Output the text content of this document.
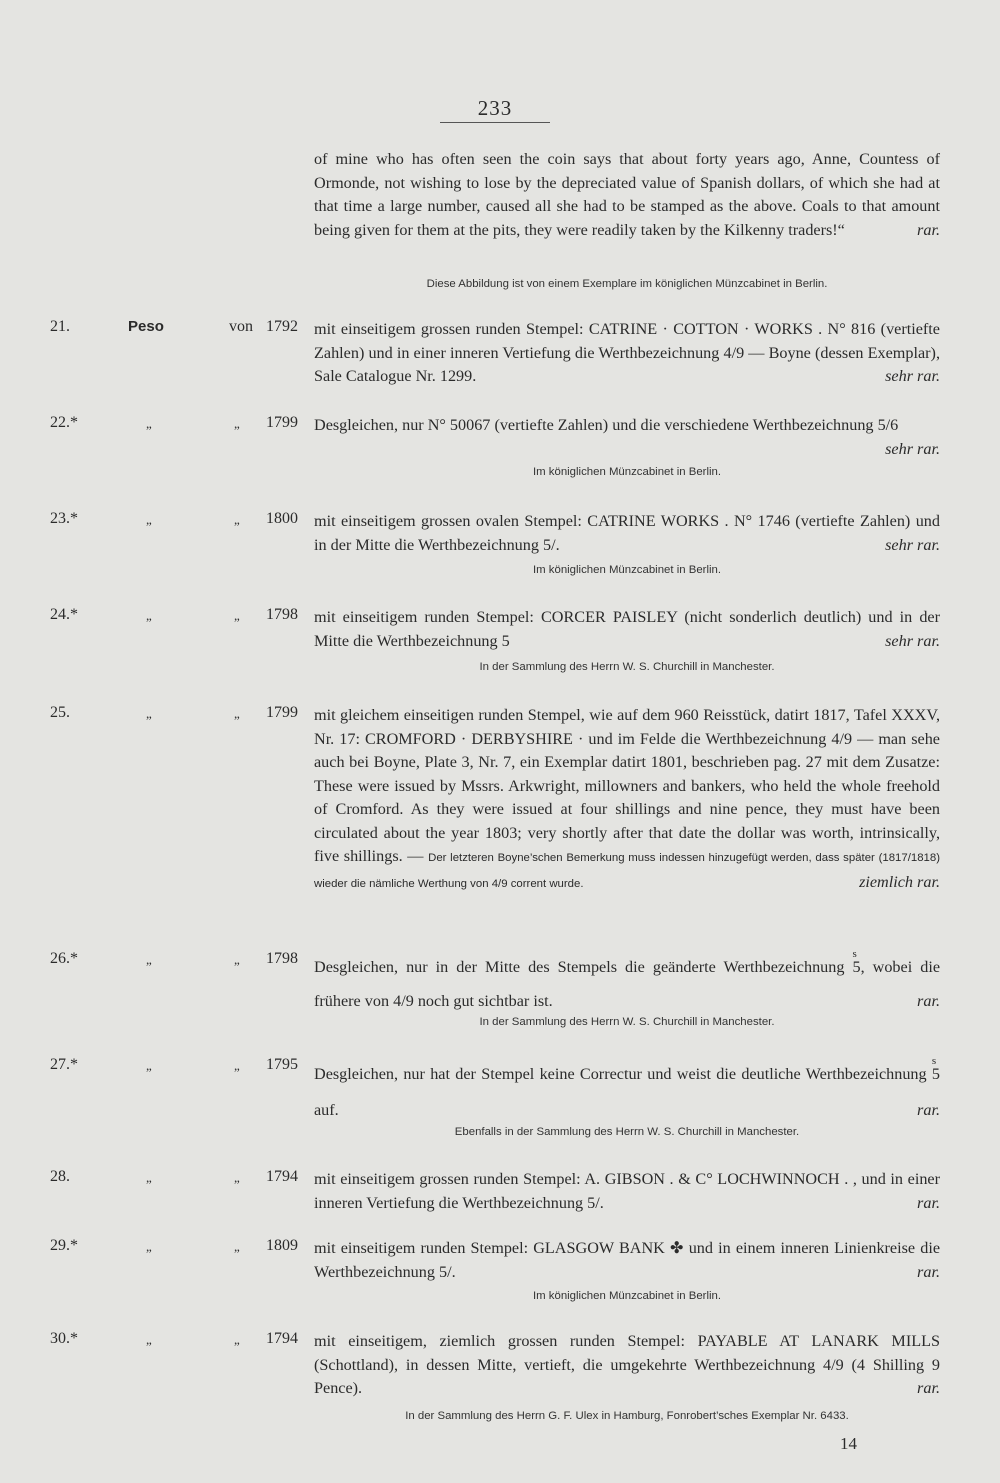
233
of mine who has often seen the coin says that about forty years ago, Anne, Countess of Ormonde, not wishing to lose by the depreciated value of Spanish dollars, of which she had at that time a large number, caused all she had to be stamped as the above. Coals to that amount being given for them at the pits, they were readily taken by the Kilkenny traders!“	rar.
Diese Abbildung ist von einem Exemplare im königlichen Münzcabinet in Berlin.
21.	Peso	von 1792 mit einseitigem grossen runden Stempel: CATRINE · COTTON · WORKS . N° 816 (vertiefte Zahlen) und in einer inneren Vertiefung die Werthbezeichnung 4/9 — Boyne (dessen Exemplar), Sale Catalogue Nr. 1299.	sehr rar.
22.*	„	„ 1799 Desgleichen, nur N° 50067 (vertiefte Zahlen) und die verschiedene Werthbezeichnung 5/6
sehr rar.
Im königlichen Münzcabinet in Berlin.
23.*	„	„ 1800 mit einseitigem grossen ovalen Stempel: CATRINE WORKS . N° 1746 (vertiefte Zahlen) und in der Mitte die Werthbezeichnung 5/.	sehr rar.
Im königlichen Münzcabinet in Berlin.
24.*	„	„ 1798 mit einseitigem runden Stempel: CORCER PAISLEY (nicht sonderlich deutlich) und in der Mitte die Werthbezeichnung 5	sehr rar.
In der Sammlung des Herrn W. S. Churchill in Manchester.
25.	„	„ 1799 mit gleichem einseitigen runden Stempel, wie auf dem 960 Reisstück, datirt 1817, Tafel XXXV, Nr. 17: CROMFORD · DERBYSHIRE · und im Felde die Werthbezeichnung 4/9 — man sehe auch bei Boyne, Plate 3, Nr. 7, ein Exemplar datirt 1801, beschrieben pag. 27 mit dem Zusatze: These were issued by Mssrs. Arkwright, millowners and bankers, who held the whole freehold of Cromford. As they were issued at four shillings and nine pence, they must have been circulated about the year 1803; very shortly after that date the dollar was worth, intrinsically, five shillings. — Der letzteren Boyne’schen Bemerkung muss indessen hinzugefügt werden, dass später (1817/1818) wieder die nämliche Werthung von 4/9 corrent wurde.	ziemlich rar.
26.*	„	„ 1798 Desgleichen, nur in der Mitte des Stempels die geänderte Werthbezeichnung
s
5, wobei die frühere von 4/9 noch gut sichtbar ist.	rar.
In der Sammlung des Herrn W. S. Churchill in Manchester.
27.*	„	„ 1795
Desgleichen, nur hat der Stempel keine Correctur und weist die deutliche Werthbezeichnung
s
5 auf.	rar.
Ebenfalls in der Sammlung des Herrn W. S. Churchill in Manchester.
28.	„	„ 1794 mit einseitigem grossen runden Stempel: A. GIBSON . & C° LOCHWINNOCH . , und in einer inneren Vertiefung die Werthbezeichnung 5/.	rar.
29.*	„	„ 1809 mit einseitigem runden Stempel: GLASGOW BANK ✤ und in einem inneren Linienkreise die Werthbezeichnung 5/.	rar.
Im königlichen Münzcabinet in Berlin.
30.*	„	„ 1794 mit einseitigem, ziemlich grossen runden Stempel: PAYABLE AT LANARK MILLS (Schottland), in dessen Mitte, vertieft, die umgekehrte Werthbezeichnung 4/9 (4 Shilling 9 Pence).	rar.
In der Sammlung des Herrn G. F. Ulex in Hamburg, Fonrobert’sches Exemplar Nr. 6433.
14
